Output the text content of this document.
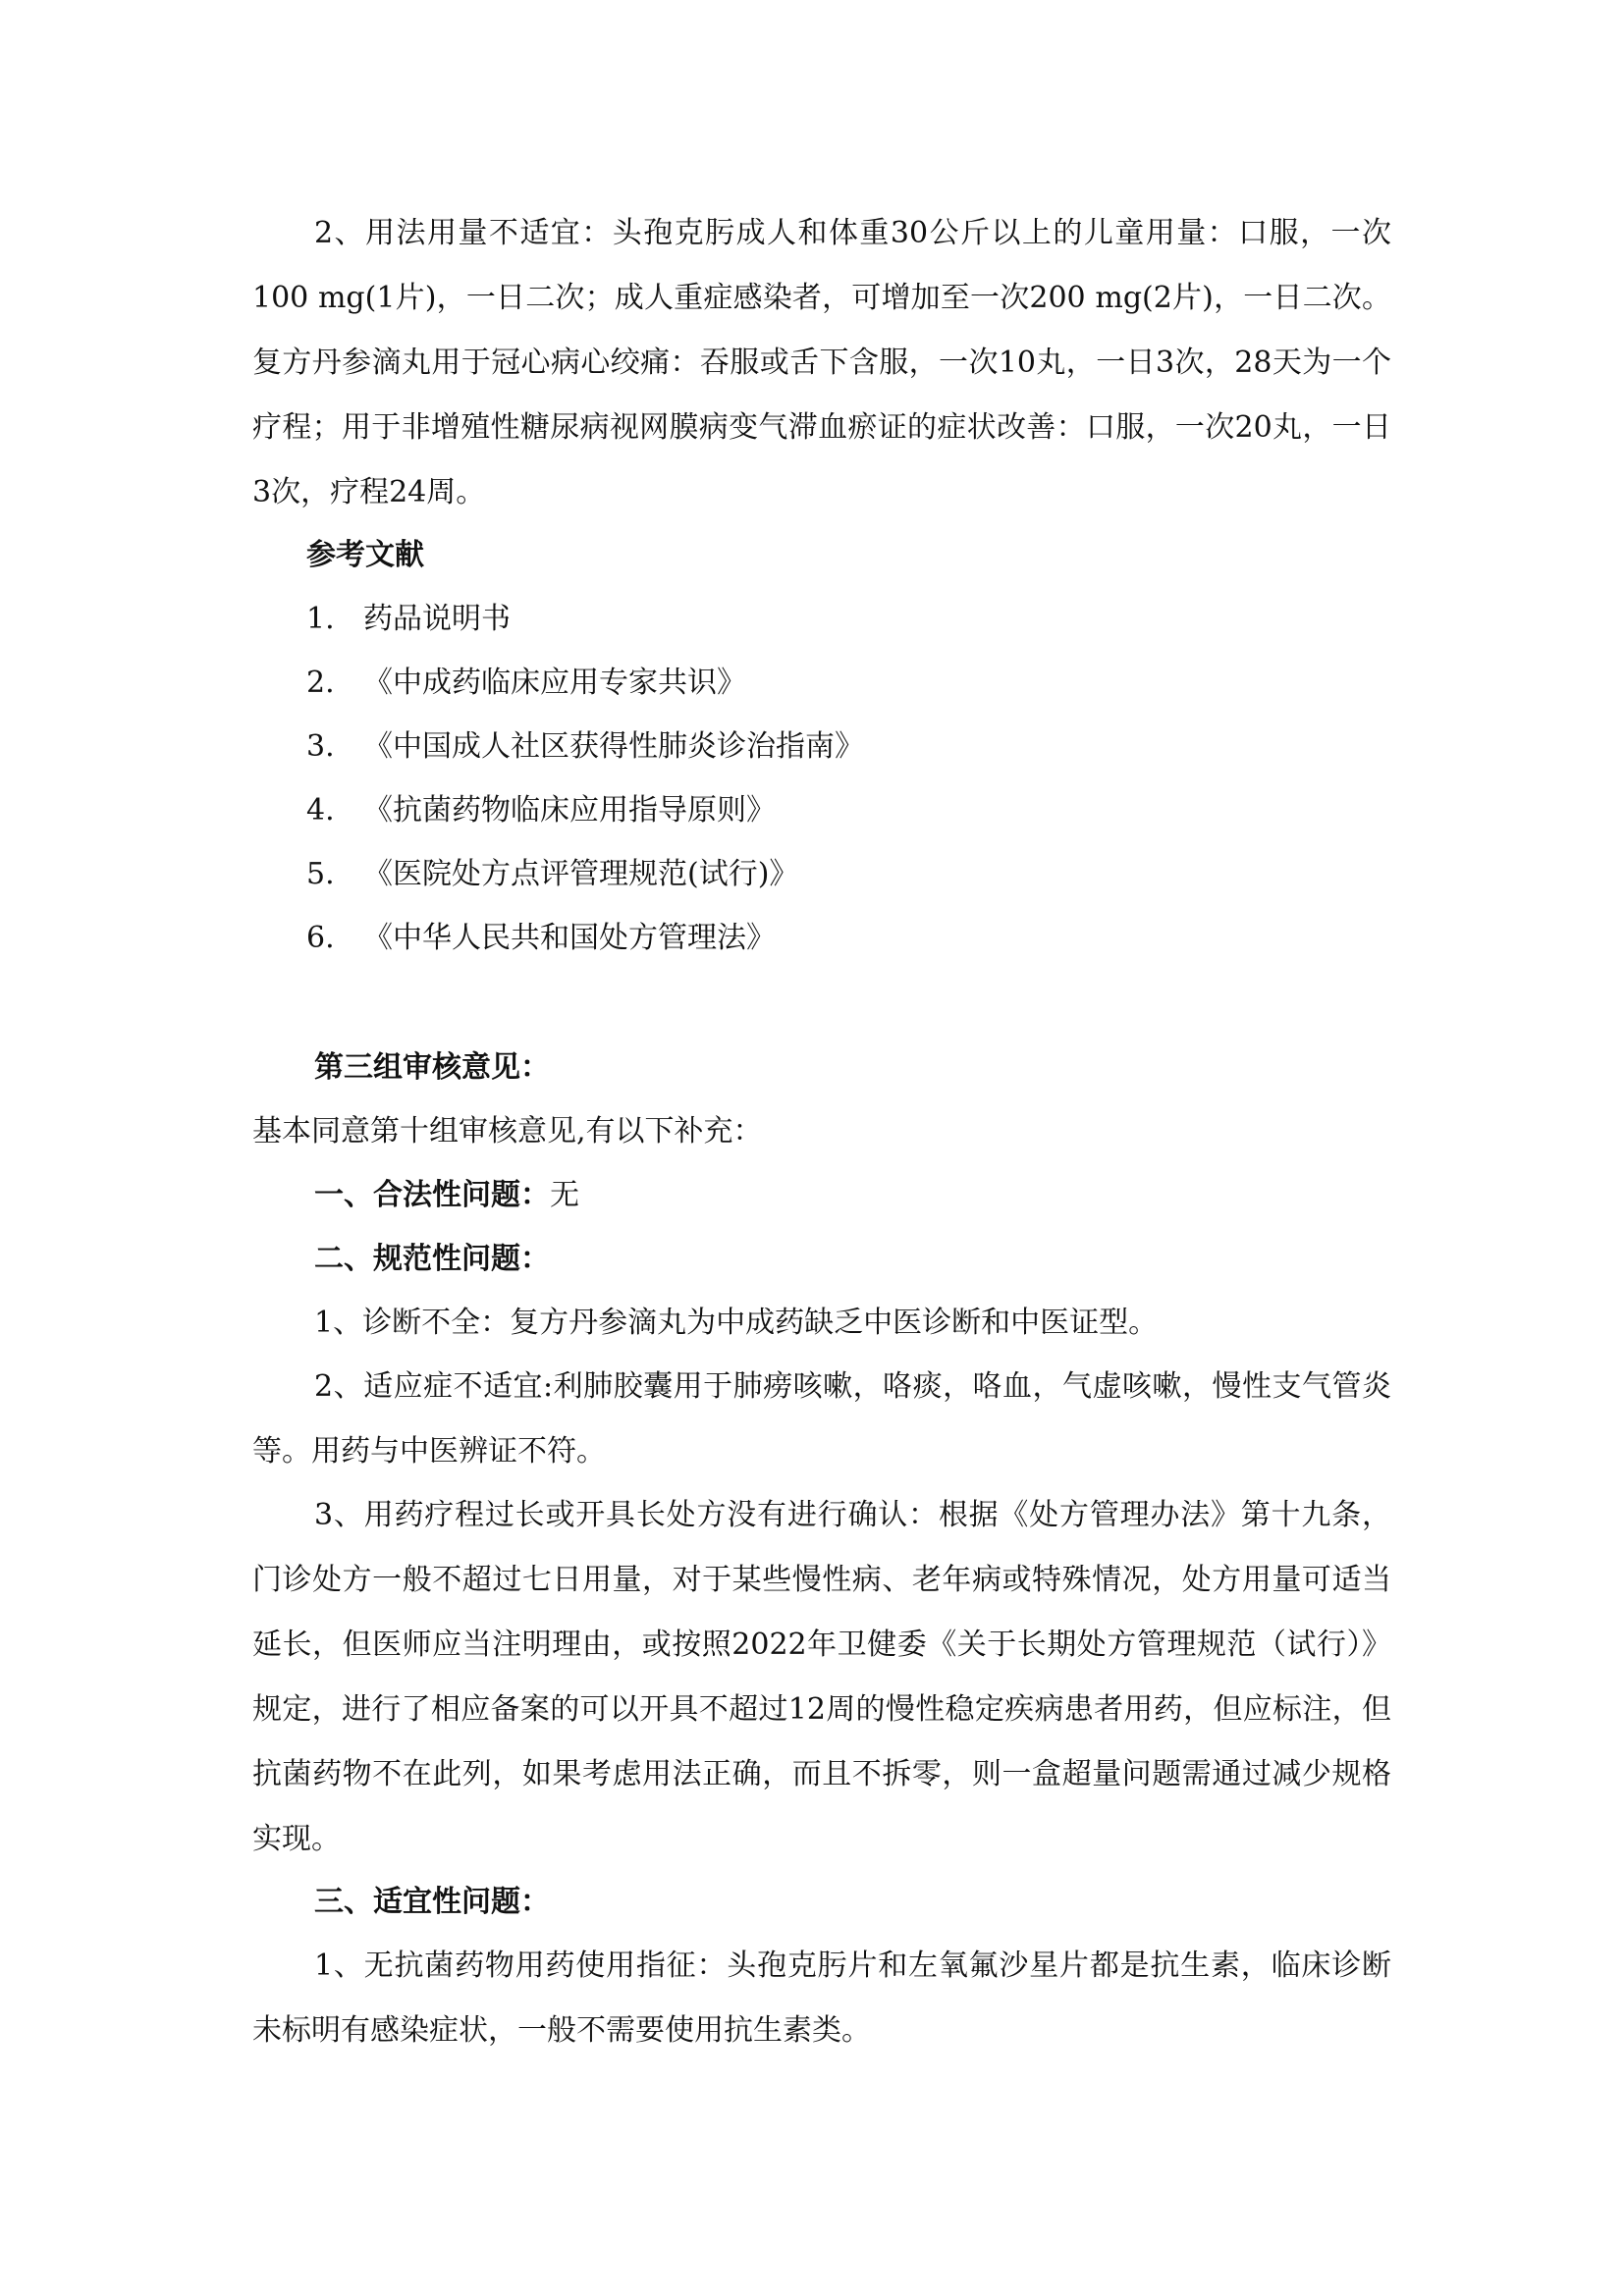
2、用法用量不适宜：头孢克肟成人和体重30公斤以上的儿童用量：口服，一次100 mg(1片)，一日二次；成人重症感染者，可增加至一次200 mg(2片)，一日二次。复方丹参滴丸用于冠心病心绞痛：吞服或舌下含服，一次10丸，一日3次，28天为一个疗程；用于非增殖性糖尿病视网膜病变气滞血瘀证的症状改善：口服，一次20丸，一日3次，疗程24周。

参考文献
1. 药品说明书
2. 《中成药临床应用专家共识》
3. 《中国成人社区获得性肺炎诊治指南》
4. 《抗菌药物临床应用指导原则》
5. 《医院处方点评管理规范(试行)》
6. 《中华人民共和国处方管理法》
第三组审核意见：
基本同意第十组审核意见,有以下补充：
一、合法性问题：无
二、规范性问题：

1、诊断不全：复方丹参滴丸为中成药缺乏中医诊断和中医证型。

2、适应症不适宜:利肺胶囊用于肺痨咳嗽，咯痰，咯血，气虚咳嗽，慢性支气管炎等。用药与中医辨证不符。

3、用药疗程过长或开具长处方没有进行确认：根据《处方管理办法》第十九条，门诊处方一般不超过七日用量，对于某些慢性病、老年病或特殊情况，处方用量可适当延长，但医师应当注明理由，或按照2022年卫健委《关于长期处方管理规范（试行）》规定，进行了相应备案的可以开具不超过12周的慢性稳定疾病患者用药，但应标注，但抗菌药物不在此列，如果考虑用法正确，而且不拆零，则一盒超量问题需通过减少规格实现。

三、适宜性问题：

1、无抗菌药物用药使用指征：头孢克肟片和左氧氟沙星片都是抗生素，临床诊断未标明有感染症状，一般不需要使用抗生素类。
